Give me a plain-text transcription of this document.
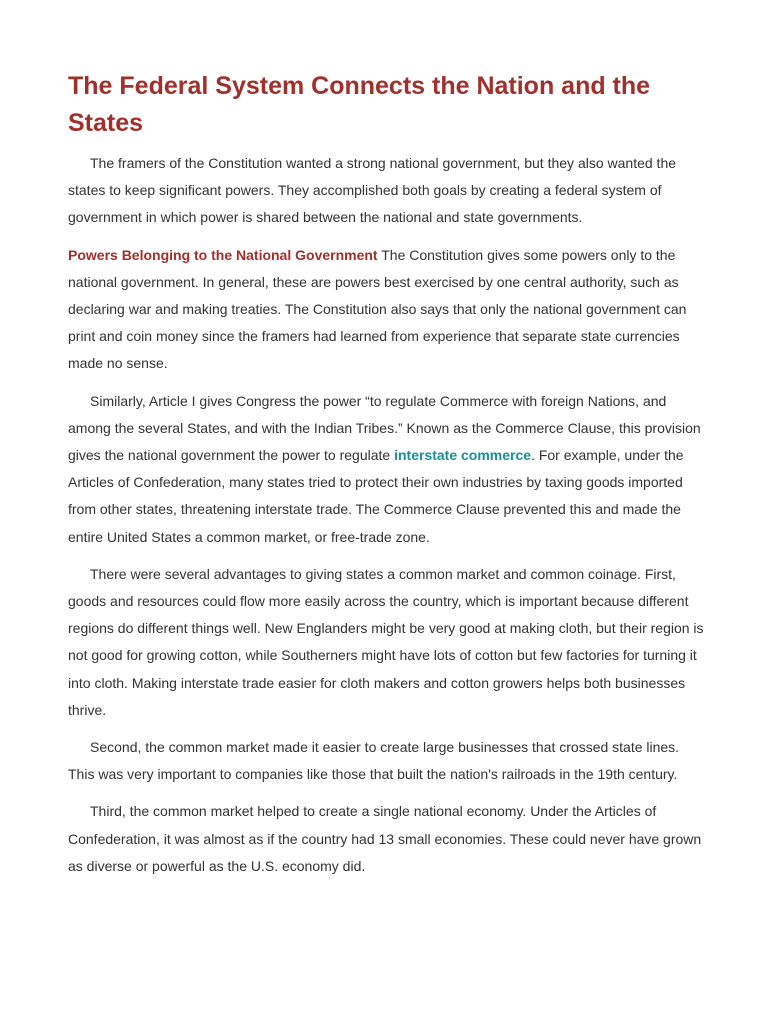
The Federal System Connects the Nation and the States

The framers of the Constitution wanted a strong national government, but they also wanted the states to keep significant powers. They accomplished both goals by creating a federal system of government in which power is shared between the national and state governments.

Powers Belonging to the National Government The Constitution gives some powers only to the national government. In general, these are powers best exercised by one central authority, such as declaring war and making treaties. The Constitution also says that only the national government can print and coin money since the framers had learned from experience that separate state currencies made no sense.

Similarly, Article I gives Congress the power “to regulate Commerce with foreign Nations, and among the several States, and with the Indian Tribes.” Known as the Commerce Clause, this provision gives the national government the power to regulate interstate commerce. For example, under the Articles of Confederation, many states tried to protect their own industries by taxing goods imported from other states, threatening interstate trade. The Commerce Clause prevented this and made the entire United States a common market, or free-trade zone.

There were several advantages to giving states a common market and common coinage. First, goods and resources could flow more easily across the country, which is important because different regions do different things well. New Englanders might be very good at making cloth, but their region is not good for growing cotton, while Southerners might have lots of cotton but few factories for turning it into cloth. Making interstate trade easier for cloth makers and cotton growers helps both businesses thrive.

Second, the common market made it easier to create large businesses that crossed state lines. This was very important to companies like those that built the nation's railroads in the 19th century.

Third, the common market helped to create a single national economy. Under the Articles of Confederation, it was almost as if the country had 13 small economies. These could never have grown as diverse or powerful as the U.S. economy did.
